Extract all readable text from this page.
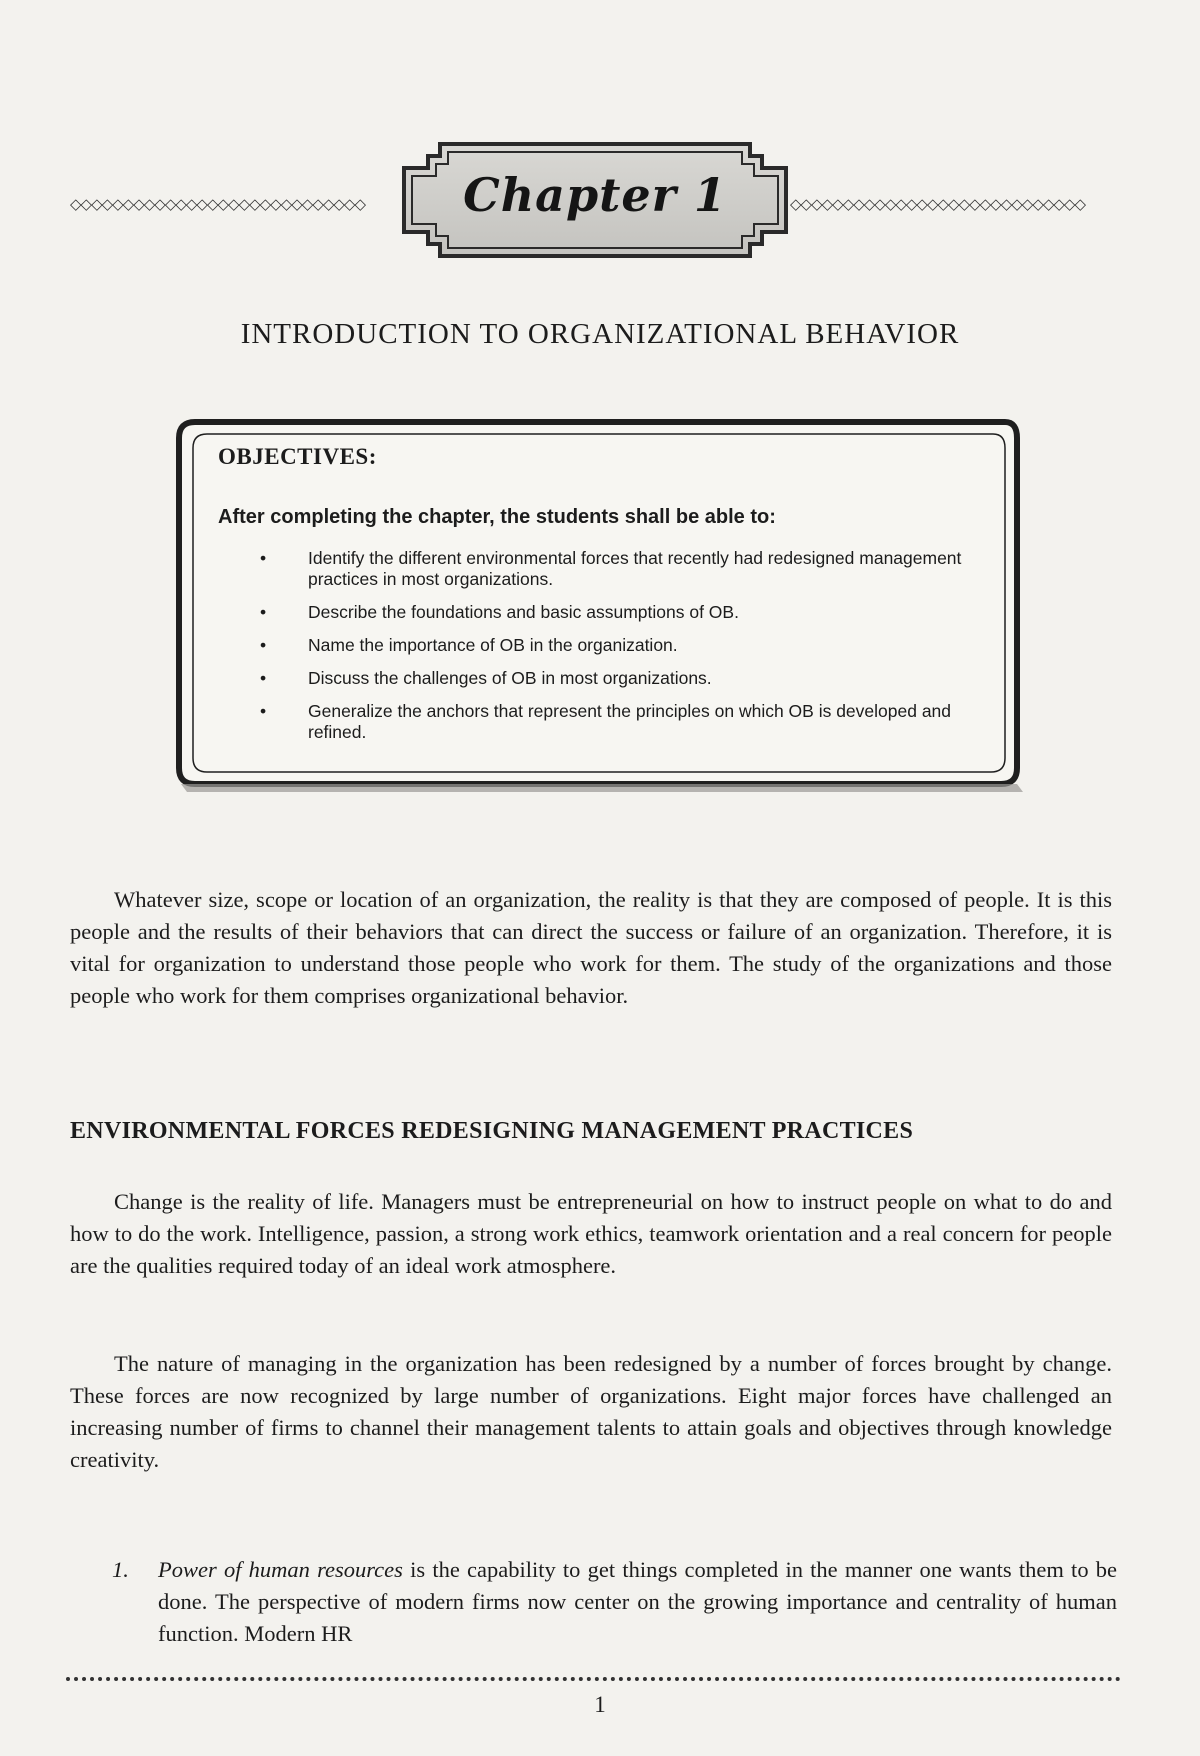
◇◇◇◇◇◇◇◇◇◇◇◇◇◇◇◇◇◇◇◇◇◇◇◇◇◇◇◇	Chapter 1	◇◇◇◇◇◇◇◇◇◇◇◇◇◇◇◇◇◇◇◇◇◇◇◇◇◇◇◇
INTRODUCTION TO ORGANIZATIONAL BEHAVIOR
OBJECTIVES:
After completing the chapter, the students shall be able to:
• Identify the different environmental forces that recently had redesigned management practices in most organizations.
• Describe the foundations and basic assumptions of OB.
• Name the importance of OB in the organization.
• Discuss the challenges of OB in most organizations.
• Generalize the anchors that represent the principles on which OB is developed and refined.

Whatever size, scope or location of an organization, the reality is that they are composed of people. It is this people and the results of their behaviors that can direct the success or failure of an organization. Therefore, it is vital for organization to understand those people who work for them. The study of the organizations and those people who work for them comprises organizational behavior.

ENVIRONMENTAL FORCES REDESIGNING MANAGEMENT PRACTICES

Change is the reality of life. Managers must be entrepreneurial on how to instruct people on what to do and how to do the work. Intelligence, passion, a strong work ethics, teamwork orientation and a real concern for people are the qualities required today of an ideal work atmosphere.

The nature of managing in the organization has been redesigned by a number of forces brought by change. These forces are now recognized by large number of organizations. Eight major forces have challenged an increasing number of firms to channel their management talents to attain goals and objectives through knowledge creativity.

1. Power of human resources is the capability to get things completed in the manner one wants them to be done. The perspective of modern firms now center on the growing importance and centrality of human function. Modern HR
1
